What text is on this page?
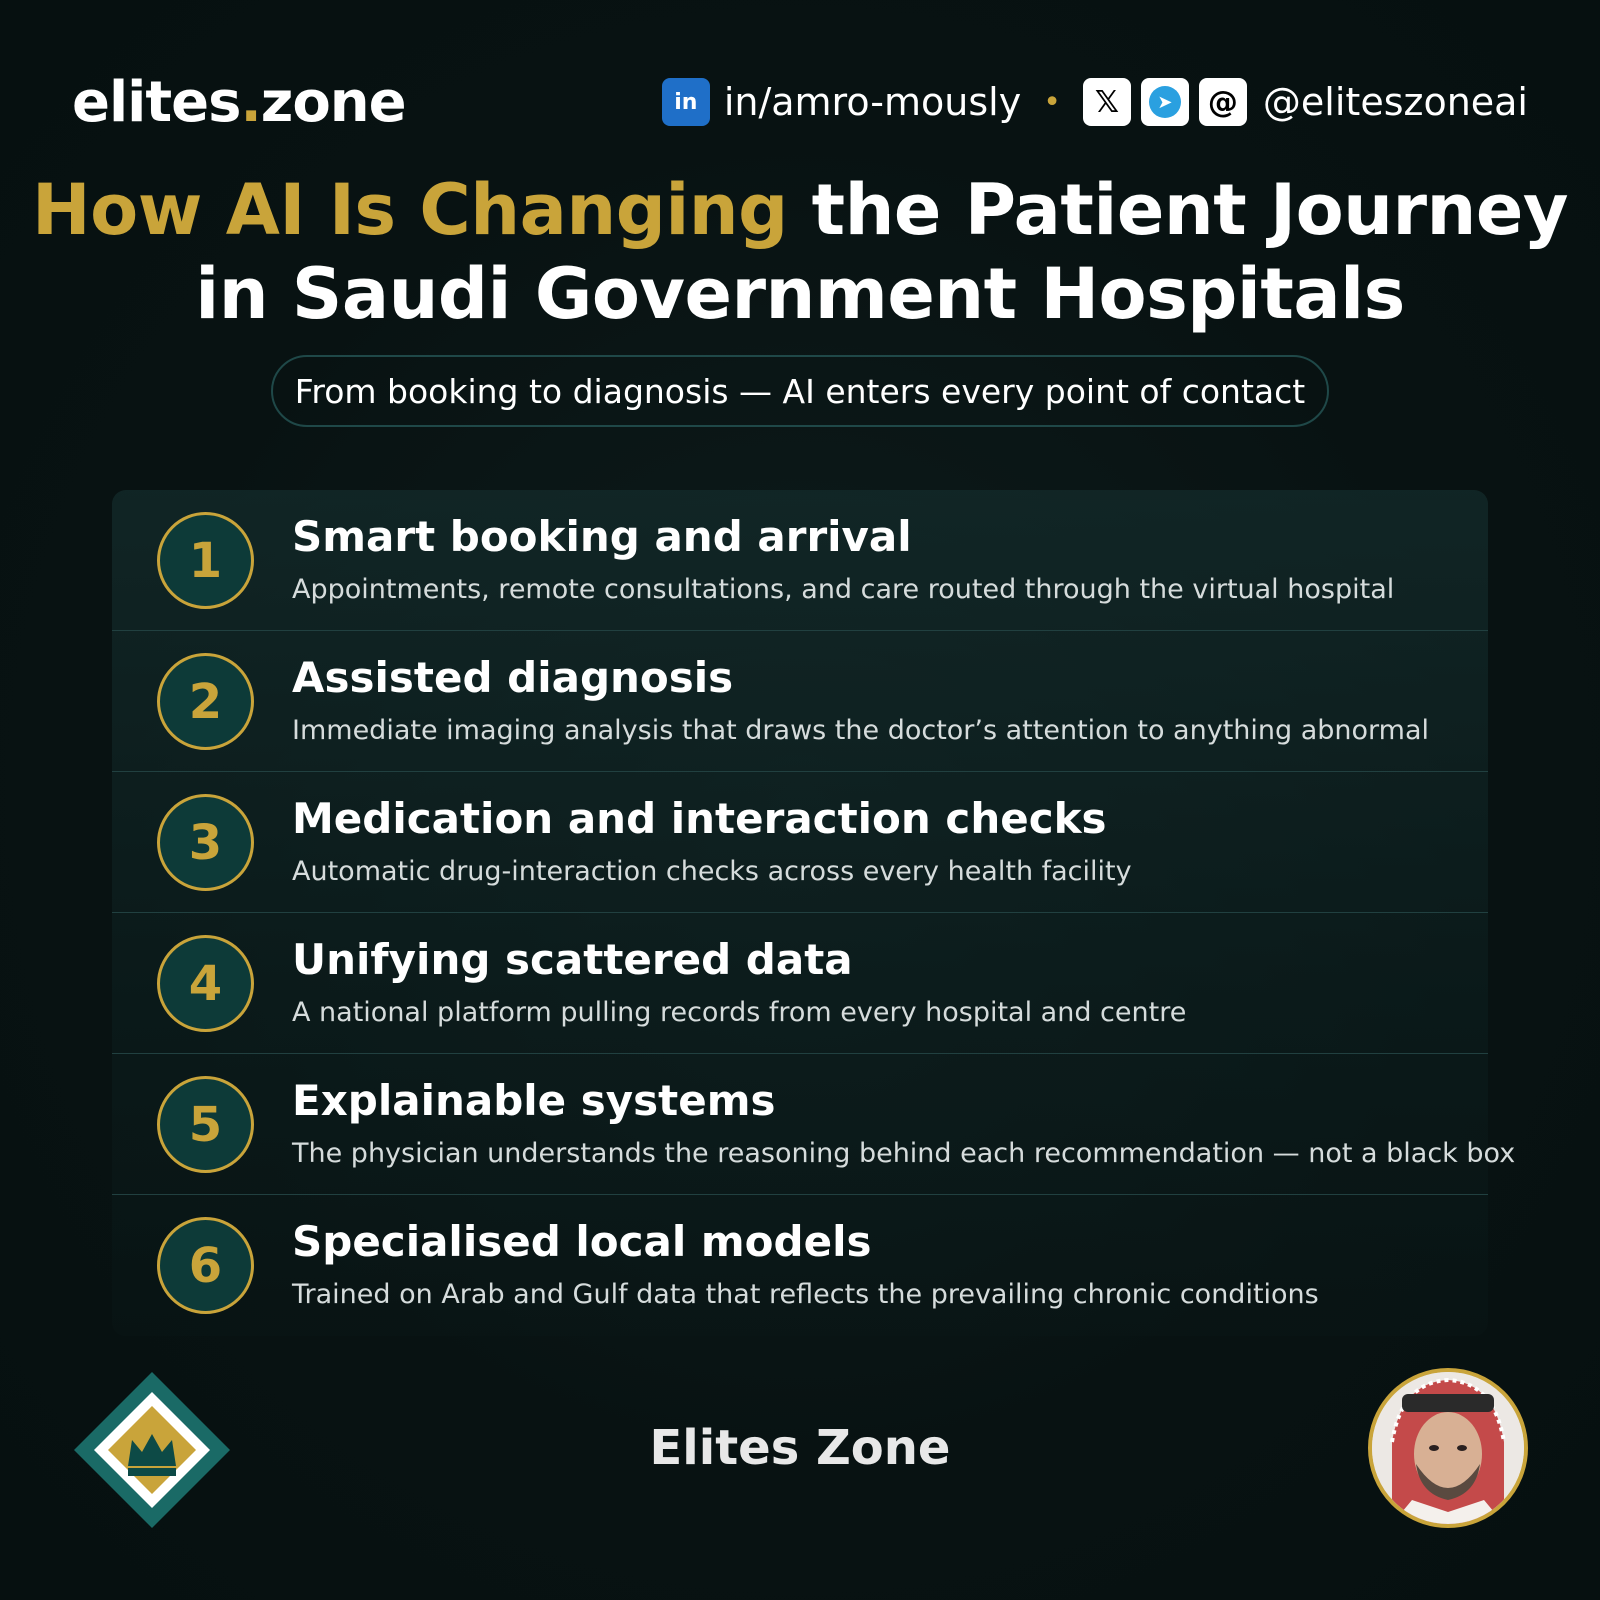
elites.zone	in in/amro-mously •	𝕏	➤	@ @eliteszoneai
How AI Is Changing the Patient Journey
in Saudi Government Hospitals
From booking to diagnosis — AI enters every point of contact
1	Smart booking and arrival
Appointments, remote consultations, and care routed through the virtual hospital
2	Assisted diagnosis
Immediate imaging analysis that draws the doctor’s attention to anything abnormal
3	Medication and interaction checks
Automatic drug-interaction checks across every health facility
4	Unifying scattered data
A national platform pulling records from every hospital and centre
5	Explainable systems
The physician understands the reasoning behind each recommendation — not a black box
6	Specialised local models
Trained on Arab and Gulf data that reflects the prevailing chronic conditions
Elites Zone
